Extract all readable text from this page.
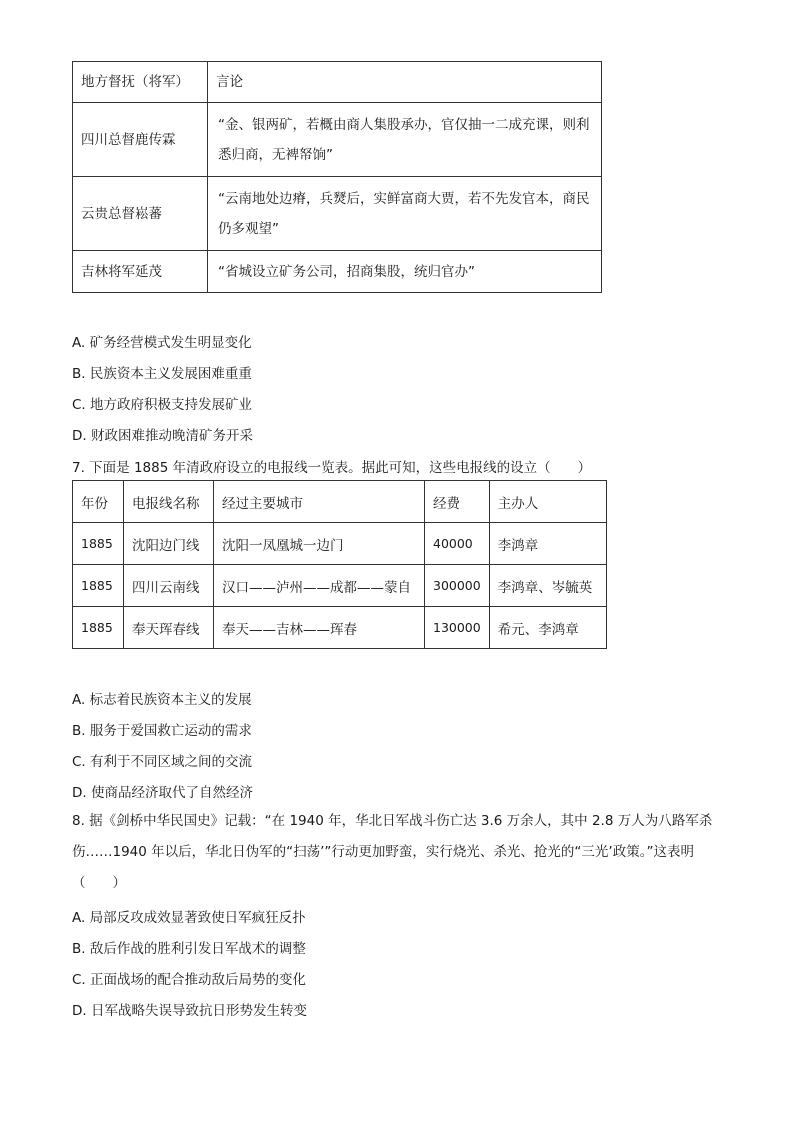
地方督抚（将军）	言论
四川总督鹿传霖	“金、银两矿，若概由商人集股承办，官仅抽一二成充课，则利悉归商，无裨帑饷”
云贵总督崧蕃	“云南地处边瘠，兵燹后，实鲜富商大贾，若不先发官本，商民仍多观望”
吉林将军延茂	“省城设立矿务公司，招商集股，统归官办”
A. 矿务经营模式发生明显变化
B. 民族资本主义发展困难重重
C. 地方政府积极支持发展矿业
D. 财政困难推动晚清矿务开采
7. 下面是 1885 年清政府设立的电报线一览表。据此可知，这些电报线的设立（　　）
年份	电报线名称	经过主要城市	经费	主办人
1885	沈阳边门线	沈阳一凤凰城一边门	40000	李鸿章
1885	四川云南线	汉口——泸州——成都——蒙自	300000	李鸿章、岑毓英
1885	奉天珲春线	奉天——吉林——珲春	130000	希元、李鸿章
A. 标志着民族资本主义的发展
B. 服务于爱国救亡运动的需求
C. 有利于不同区域之间的交流
D. 使商品经济取代了自然经济
8. 据《剑桥中华民国史》记载：“在 1940 年，华北日军战斗伤亡达 3.6 万余人，其中 2.8 万人为八路军杀伤……1940 年以后，华北日伪军的“扫荡’”行动更加野蛮，实行烧光、杀光、抢光的“三光’政策。”这表明（　　）
A. 局部反攻成效显著致使日军疯狂反扑
B. 敌后作战的胜利引发日军战术的调整
C. 正面战场的配合推动敌后局势的变化
D. 日军战略失误导致抗日形势发生转变
